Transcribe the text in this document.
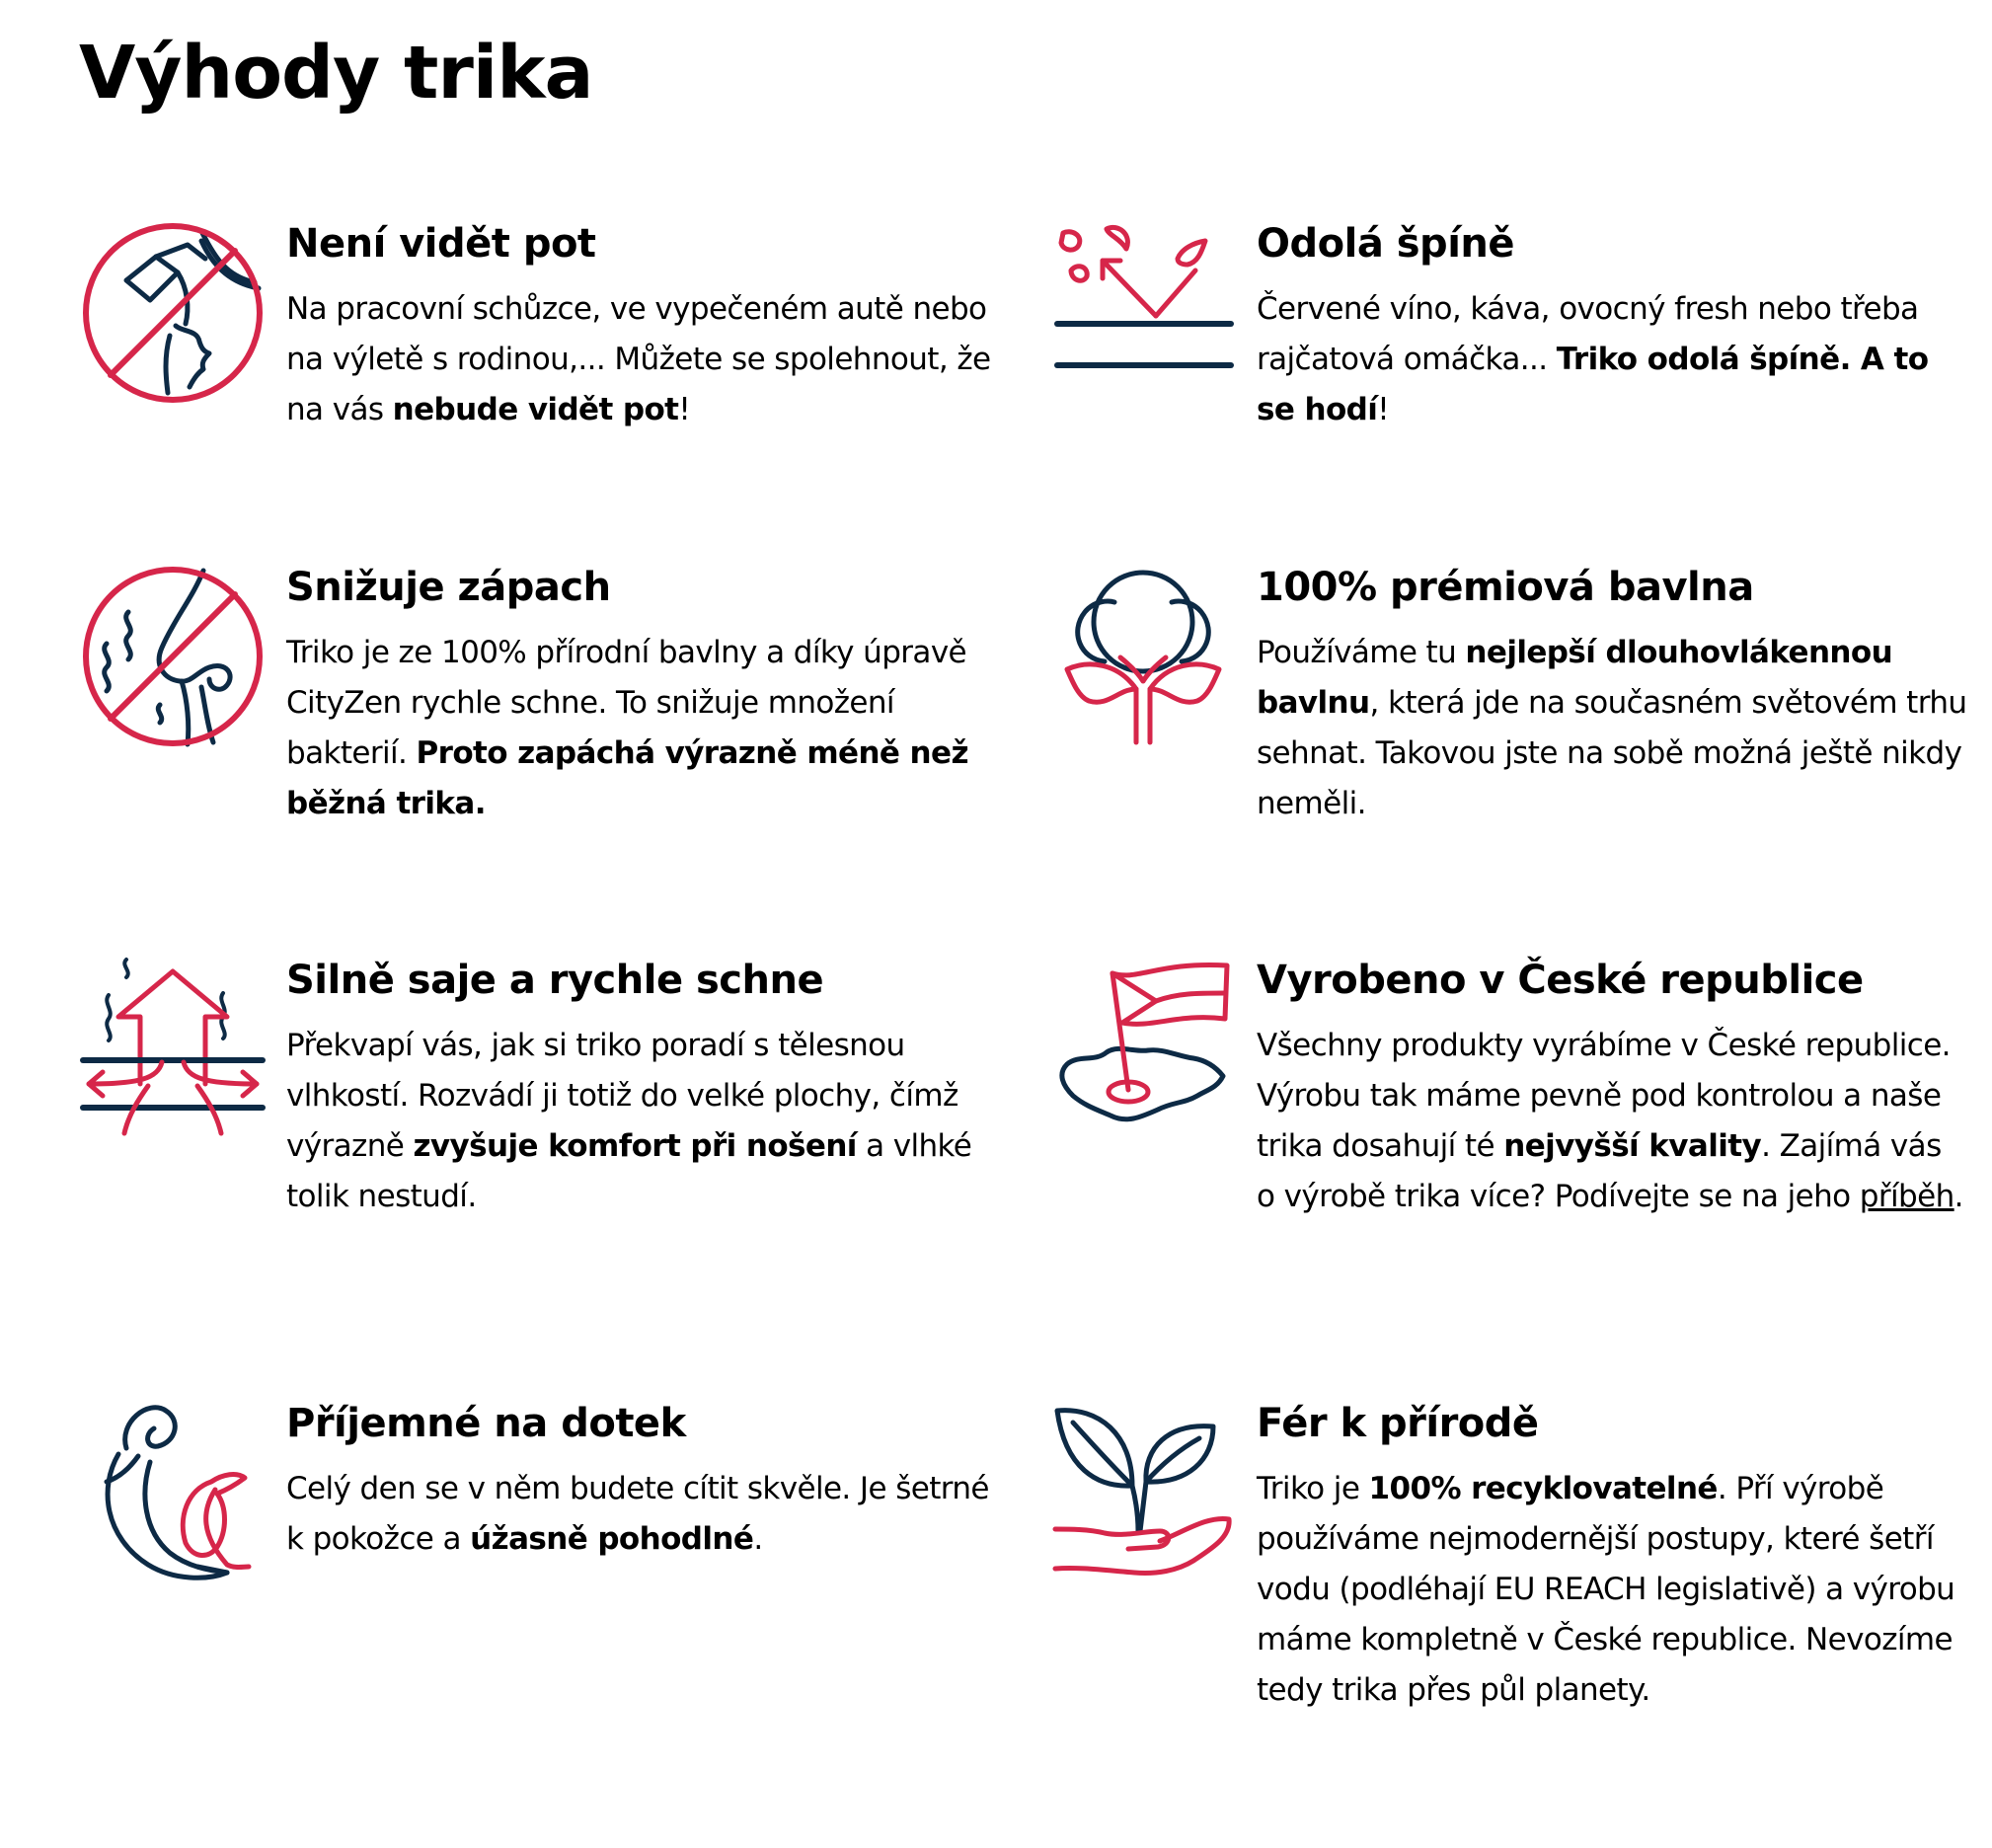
Výhody trika
Není vidět pot

Na pracovní schůzce, ve vypečeném autě nebo na výletě s rodinou,... Můžete se spolehnout, že na vás nebude vidět pot!

Odolá špíně

Červené víno, káva, ovocný fresh nebo třeba rajčatová omáčka... Triko odolá špíně. A to se hodí!

Snižuje zápach

Triko je ze 100% přírodní bavlny a díky úpravě CityZen rychle schne. To snižuje množení bakterií. Proto zapáchá výrazně méně než běžná trika.

100% prémiová bavlna

Používáme tu nejlepší dlouhovlákennou bavlnu, která jde na současném světovém trhu sehnat. Takovou jste na sobě možná ještě nikdy neměli.

Silně saje a rychle schne

Překvapí vás, jak si triko poradí s tělesnou vlhkostí. Rozvádí ji totiž do velké plochy, čímž výrazně zvyšuje komfort při nošení a vlhké tolik nestudí.

Vyrobeno v České republice

Všechny produkty vyrábíme v České republice. Výrobu tak máme pevně pod kontrolou a naše trika dosahují té nejvyšší kvality. Zajímá vás o výrobě trika více? Podívejte se na jeho příběh.

Příjemné na dotek

Celý den se v něm budete cítit skvěle. Je šetrné k pokožce a úžasně pohodlné.

Fér k přírodě

Triko je 100% recyklovatelné. Pří výrobě používáme nejmodernější postupy, které šetří vodu (podléhají EU REACH legislativě) a výrobu máme kompletně v České republice. Nevozíme tedy trika přes půl planety.
